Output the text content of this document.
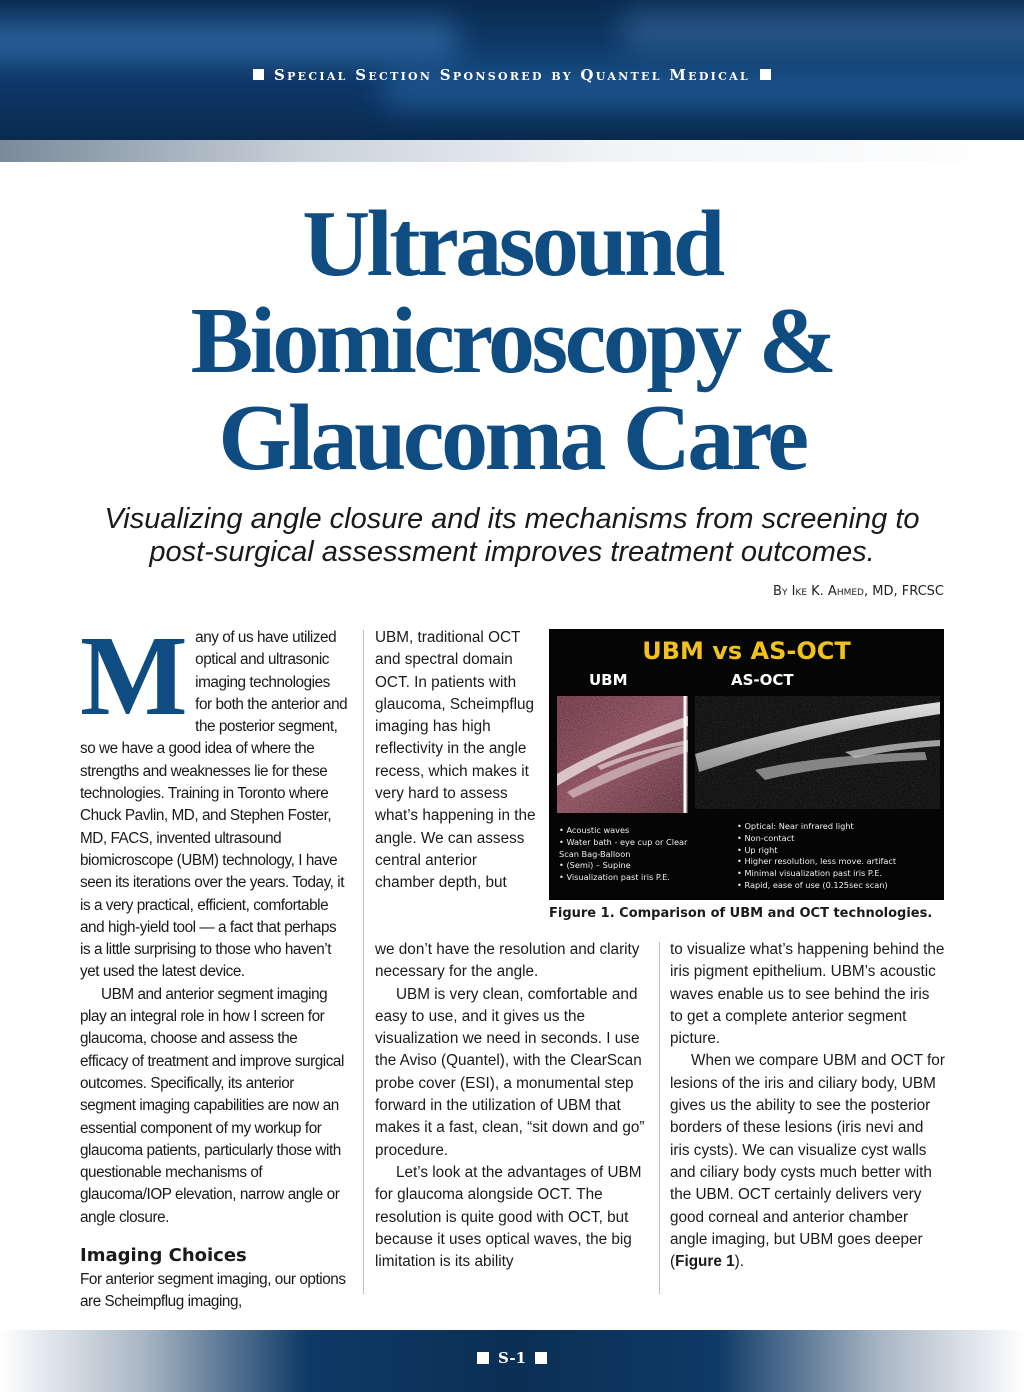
Special Section Sponsored by Quantel Medical
Ultrasound
Biomicroscopy &
Glaucoma Care
Visualizing angle closure and its mechanisms from screening to
post-surgical assessment improves treatment outcomes.
By Ike K. Ahmed, MD, FRCSC

Many of us have utilized optical and ultrasonic imaging technologies for both the anterior and the posterior segment, so we have a good idea of where the strengths and weaknesses lie for these technologies. Training in Toronto where Chuck Pavlin, MD, and Stephen Foster, MD, FACS, invented ultrasound biomicroscope (UBM) technology, I have seen its iterations over the years. Today, it is a very practical, efficient, comfortable and high-yield tool — a fact that perhaps is a little surprising to those who haven’t yet used the latest device.

UBM and anterior segment imaging play an integral role in how I screen for glaucoma, choose and assess the efficacy of treatment and improve surgical outcomes. Specifically, its anterior segment imaging capabilities are now an essential component of my workup for glaucoma patients, particularly those with questionable mechanisms of glaucoma/IOP elevation, narrow angle or angle closure.

Imaging Choices

For anterior segment imaging, our options are Scheimpflug imaging,

UBM, traditional OCT and spectral domain OCT. In patients with glaucoma, Scheimpflug imaging has high reflectivity in the angle recess, which makes it very hard to assess what’s happening in the angle. We can assess central anterior chamber depth, but

we don’t have the resolution and clarity necessary for the angle.

UBM is very clean, comfortable and easy to use, and it gives us the visualization we need in seconds. I use the Aviso (Quantel), with the ClearScan probe cover (ESI), a monumental step forward in the utilization of UBM that makes it a fast, clean, “sit down and go” procedure.

Let’s look at the advantages of UBM for glaucoma alongside OCT. The resolution is quite good with OCT, but because it uses optical waves, the big limitation is its ability

to visualize what’s happening behind the iris pigment epithelium. UBM’s acoustic waves enable us to see behind the iris to get a complete anterior segment picture.

When we compare UBM and OCT for lesions of the iris and ciliary body, UBM gives us the ability to see the posterior borders of these lesions (iris nevi and iris cysts). We can visualize cyst walls and ciliary body cysts much better with the UBM. OCT certainly delivers very good corneal and anterior chamber angle imaging, but UBM goes deeper (Figure 1).

UBM vs AS-OCT
UBM	AS-OCT
• Acoustic waves
• Water bath - eye cup or Clear Scan Bag-Balloon
• (Semi) – Supine
• Visualization past iris P.E.
• Optical: Near infrared light
• Non-contact
• Up right
• Higher resolution, less move. artifact
• Minimal visualization past iris P.E.
• Rapid, ease of use (0.125sec scan)
Figure 1. Comparison of UBM and OCT technologies.
S-1
